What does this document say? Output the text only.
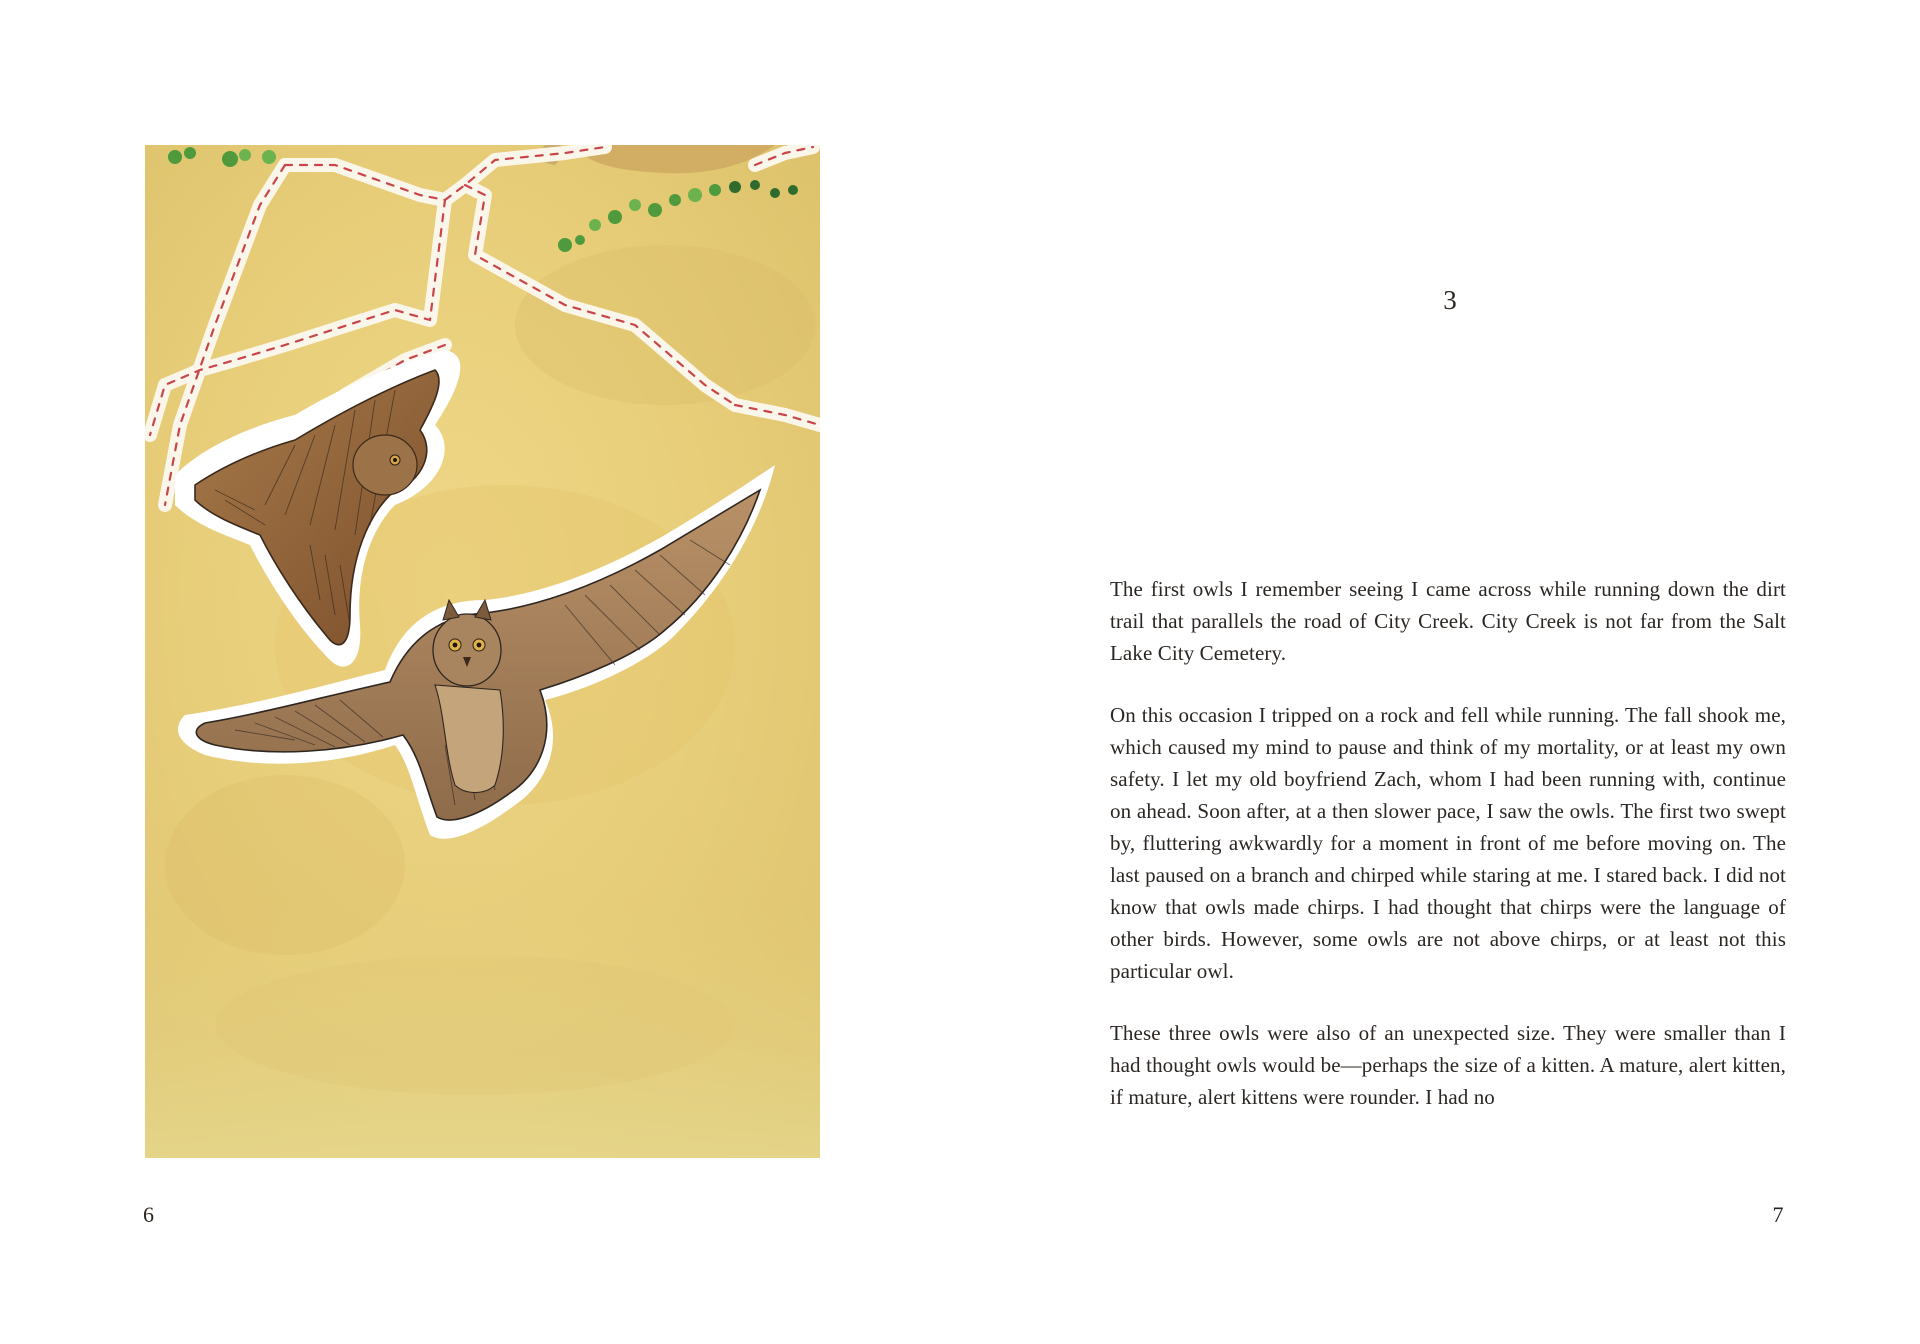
6
3

The first owls I remember seeing I came across while running down the dirt trail that parallels the road of City Creek. City Creek is not far from the Salt Lake City Cemetery.

On this occasion I tripped on a rock and fell while running. The fall shook me, which caused my mind to pause and think of my mortality, or at least my own safety. I let my old boyfriend Zach, whom I had been running with, continue on ahead. Soon after, at a then slower pace, I saw the owls. The first two swept by, fluttering awkwardly for a moment in front of me before moving on. The last paused on a branch and chirped while staring at me. I stared back. I did not know that owls made chirps. I had thought that chirps were the language of other birds. However, some owls are not above chirps, or at least not this particular owl.

These three owls were also of an unexpected size. They were smaller than I had thought owls would be—perhaps the size of a kitten. A mature, alert kitten, if mature, alert kittens were rounder. I had no

7
